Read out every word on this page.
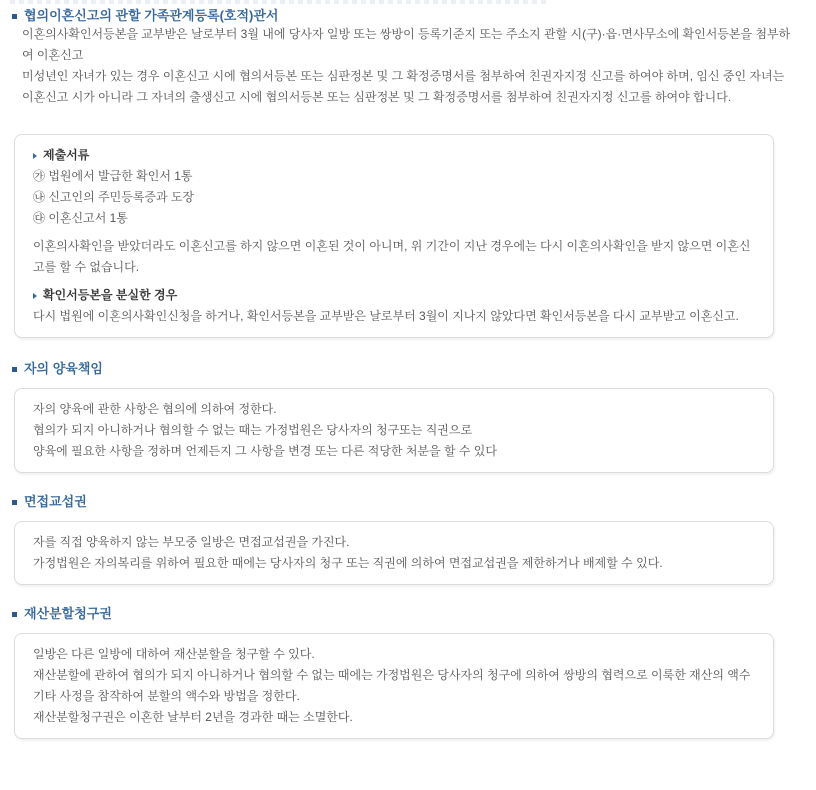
협의이혼신고의 관할 가족관계등록(호적)관서

이혼의사확인서등본을 교부받은 날로부터 3월 내에 당사자 일방 또는 쌍방이 등록기준지 또는 주소지 관할 시(구)·읍·면사무소에 확인서등본을 첨부하여 이혼신고

미성년인 자녀가 있는 경우 이혼신고 시에 협의서등본 또는 심판정본 및 그 확정증명서를 첨부하여 친권자지정 신고를 하여야 하며, 임신 중인 자녀는 이혼신고 시가 아니라 그 자녀의 출생신고 시에 협의서등본 또는 심판정본 및 그 확정증명서를 첨부하여 친권자지정 신고를 하여야 합니다.

제출서류
㉮ 법원에서 발급한 확인서 1통
㉯ 신고인의 주민등록증과 도장
㉰ 이혼신고서 1통

이혼의사확인을 받았더라도 이혼신고를 하지 않으면 이혼된 것이 아니며, 위 기간이 지난 경우에는 다시 이혼의사확인을 받지 않으면 이혼신고를 할 수 없습니다.

확인서등본을 분실한 경우

다시 법원에 이혼의사확인신청을 하거나, 확인서등본을 교부받은 날로부터 3월이 지나지 않았다면 확인서등본을 다시 교부받고 이혼신고.

자의 양육책임
자의 양육에 관한 사항은 협의에 의하여 정한다.
협의가 되지 아니하거나 협의할 수 없는 때는 가정법원은 당사자의 청구또는 직권으로
양육에 필요한 사항을 정하며 언제든지 그 사항을 변경 또는 다른 적당한 처분을 할 수 있다
면접교섭권
자를 직접 양육하지 않는 부모중 일방은 면접교섭권을 가진다.
가정법원은 자의복리를 위하여 필요한 때에는 당사자의 청구 또는 직권에 의하여 면접교섭권을 제한하거나 배제할 수 있다.
재산분할청구권
일방은 다른 일방에 대하여 재산분할을 청구할 수 있다.
재산분할에 관하여 협의가 되지 아니하거나 협의할 수 없는 때에는 가정법원은 당사자의 청구에 의하여 쌍방의 협력으로 이룩한 재산의 액수 기타 사정을 참작하여 분할의 액수와 방법을 정한다.
재산분할청구권은 이혼한 날부터 2년을 경과한 때는 소멸한다.
